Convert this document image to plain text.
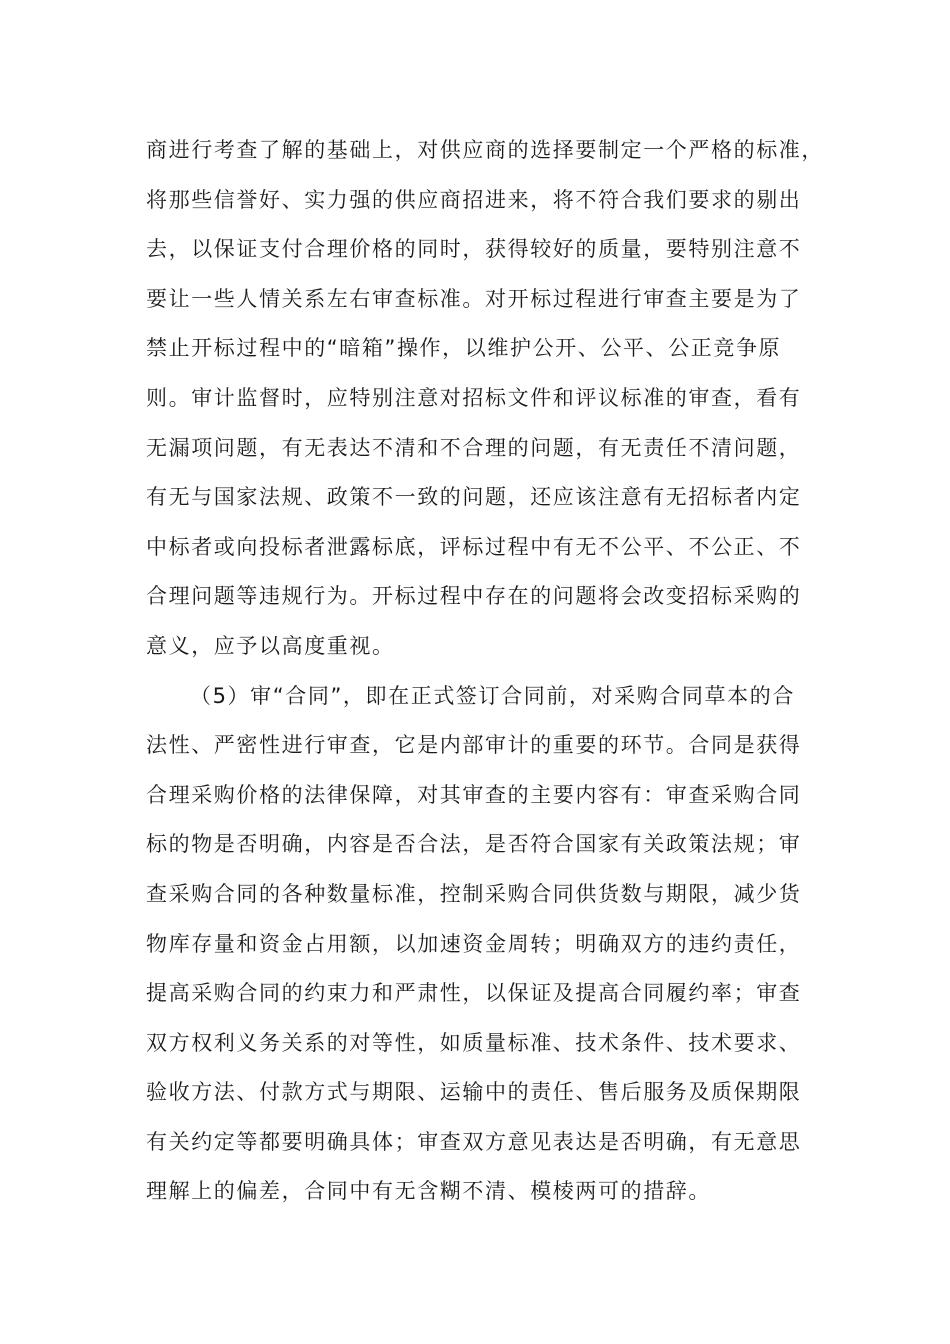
商进行考查了解的基础上，对供应商的选择要制定一个严格的标准，
将那些信誉好、实力强的供应商招进来，将不符合我们要求的剔出
去，以保证支付合理价格的同时，获得较好的质量，要特别注意不
要让一些人情关系左右审查标准。对开标过程进行审查主要是为了
禁止开标过程中的“暗箱”操作，以维护公开、公平、公正竞争原
则。审计监督时，应特别注意对招标文件和评议标准的审查，看有
无漏项问题，有无表达不清和不合理的问题，有无责任不清问题，
有无与国家法规、政策不一致的问题，还应该注意有无招标者内定
中标者或向投标者泄露标底，评标过程中有无不公平、不公正、不
合理问题等违规行为。开标过程中存在的问题将会改变招标采购的
意义，应予以高度重视。
（5）审“合同”，即在正式签订合同前，对采购合同草本的合
法性、严密性进行审查，它是内部审计的重要的环节。合同是获得
合理采购价格的法律保障，对其审查的主要内容有：审查采购合同
标的物是否明确，内容是否合法，是否符合国家有关政策法规；审
查采购合同的各种数量标准，控制采购合同供货数与期限，减少货
物库存量和资金占用额，以加速资金周转；明确双方的违约责任，
提高采购合同的约束力和严肃性，以保证及提高合同履约率；审查
双方权利义务关系的对等性，如质量标准、技术条件、技术要求、
验收方法、付款方式与期限、运输中的责任、售后服务及质保期限
有关约定等都要明确具体；审查双方意见表达是否明确，有无意思
理解上的偏差，合同中有无含糊不清、模棱两可的措辞。
